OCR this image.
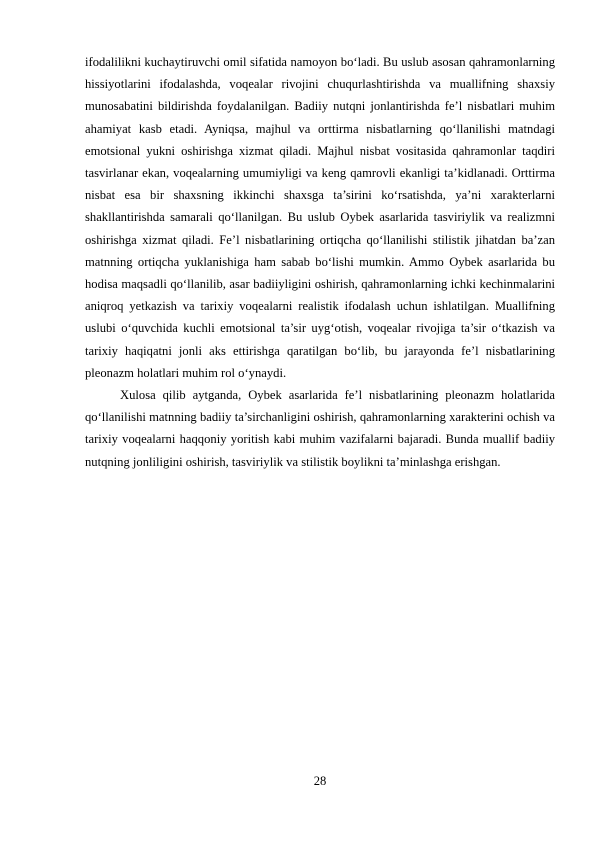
ifodalilikni kuchaytiruvchi omil sifatida namoyon bo‘ladi. Bu uslub asosan qahramonlarning hissiyotlarini ifodalashda, voqealar rivojini chuqurlashtirishda va muallifning shaxsiy munosabatini bildirishda foydalanilgan. Badiiy nutqni jonlantirishda fe’l nisbatlari muhim ahamiyat kasb etadi. Ayniqsa, majhul va orttirma nisbatlarning qo‘llanilishi matndagi emotsional yukni oshirishga xizmat qiladi. Majhul nisbat vositasida qahramonlar taqdiri tasvirlanar ekan, voqealarning umumiyligi va keng qamrovli ekanligi ta’kidlanadi. Orttirma nisbat esa bir shaxsning ikkinchi shaxsga ta’sirini ko‘rsatishda, ya’ni xarakterlarni shakllantirishda samarali qo‘llanilgan. Bu uslub Oybek asarlarida tasviriylik va realizmni oshirishga xizmat qiladi. Fe’l nisbatlarining ortiqcha qo‘llanilishi stilistik jihatdan ba’zan matnning ortiqcha yuklanishiga ham sabab bo‘lishi mumkin. Ammo Oybek asarlarida bu hodisa maqsadli qo‘llanilib, asar badiiyligini oshirish, qahramonlarning ichki kechinmalarini aniqroq yetkazish va tarixiy voqealarni realistik ifodalash uchun ishlatilgan. Muallifning uslubi o‘quvchida kuchli emotsional ta’sir uyg‘otish, voqealar rivojiga ta’sir o‘tkazish va tarixiy haqiqatni jonli aks ettirishga qaratilgan bo‘lib, bu jarayonda fe’l nisbatlarining pleonazm holatlari muhim rol o‘ynaydi.

Xulosa qilib aytganda, Oybek asarlarida fe’l nisbatlarining pleonazm holatlarida qo‘llanilishi matnning badiiy ta’sirchanligini oshirish, qahramonlarning xarakterini ochish va tarixiy voqealarni haqqoniy yoritish kabi muhim vazifalarni bajaradi. Bunda muallif badiiy nutqning jonliligini oshirish, tasviriylik va stilistik boylikni ta’minlashga erishgan.

28
